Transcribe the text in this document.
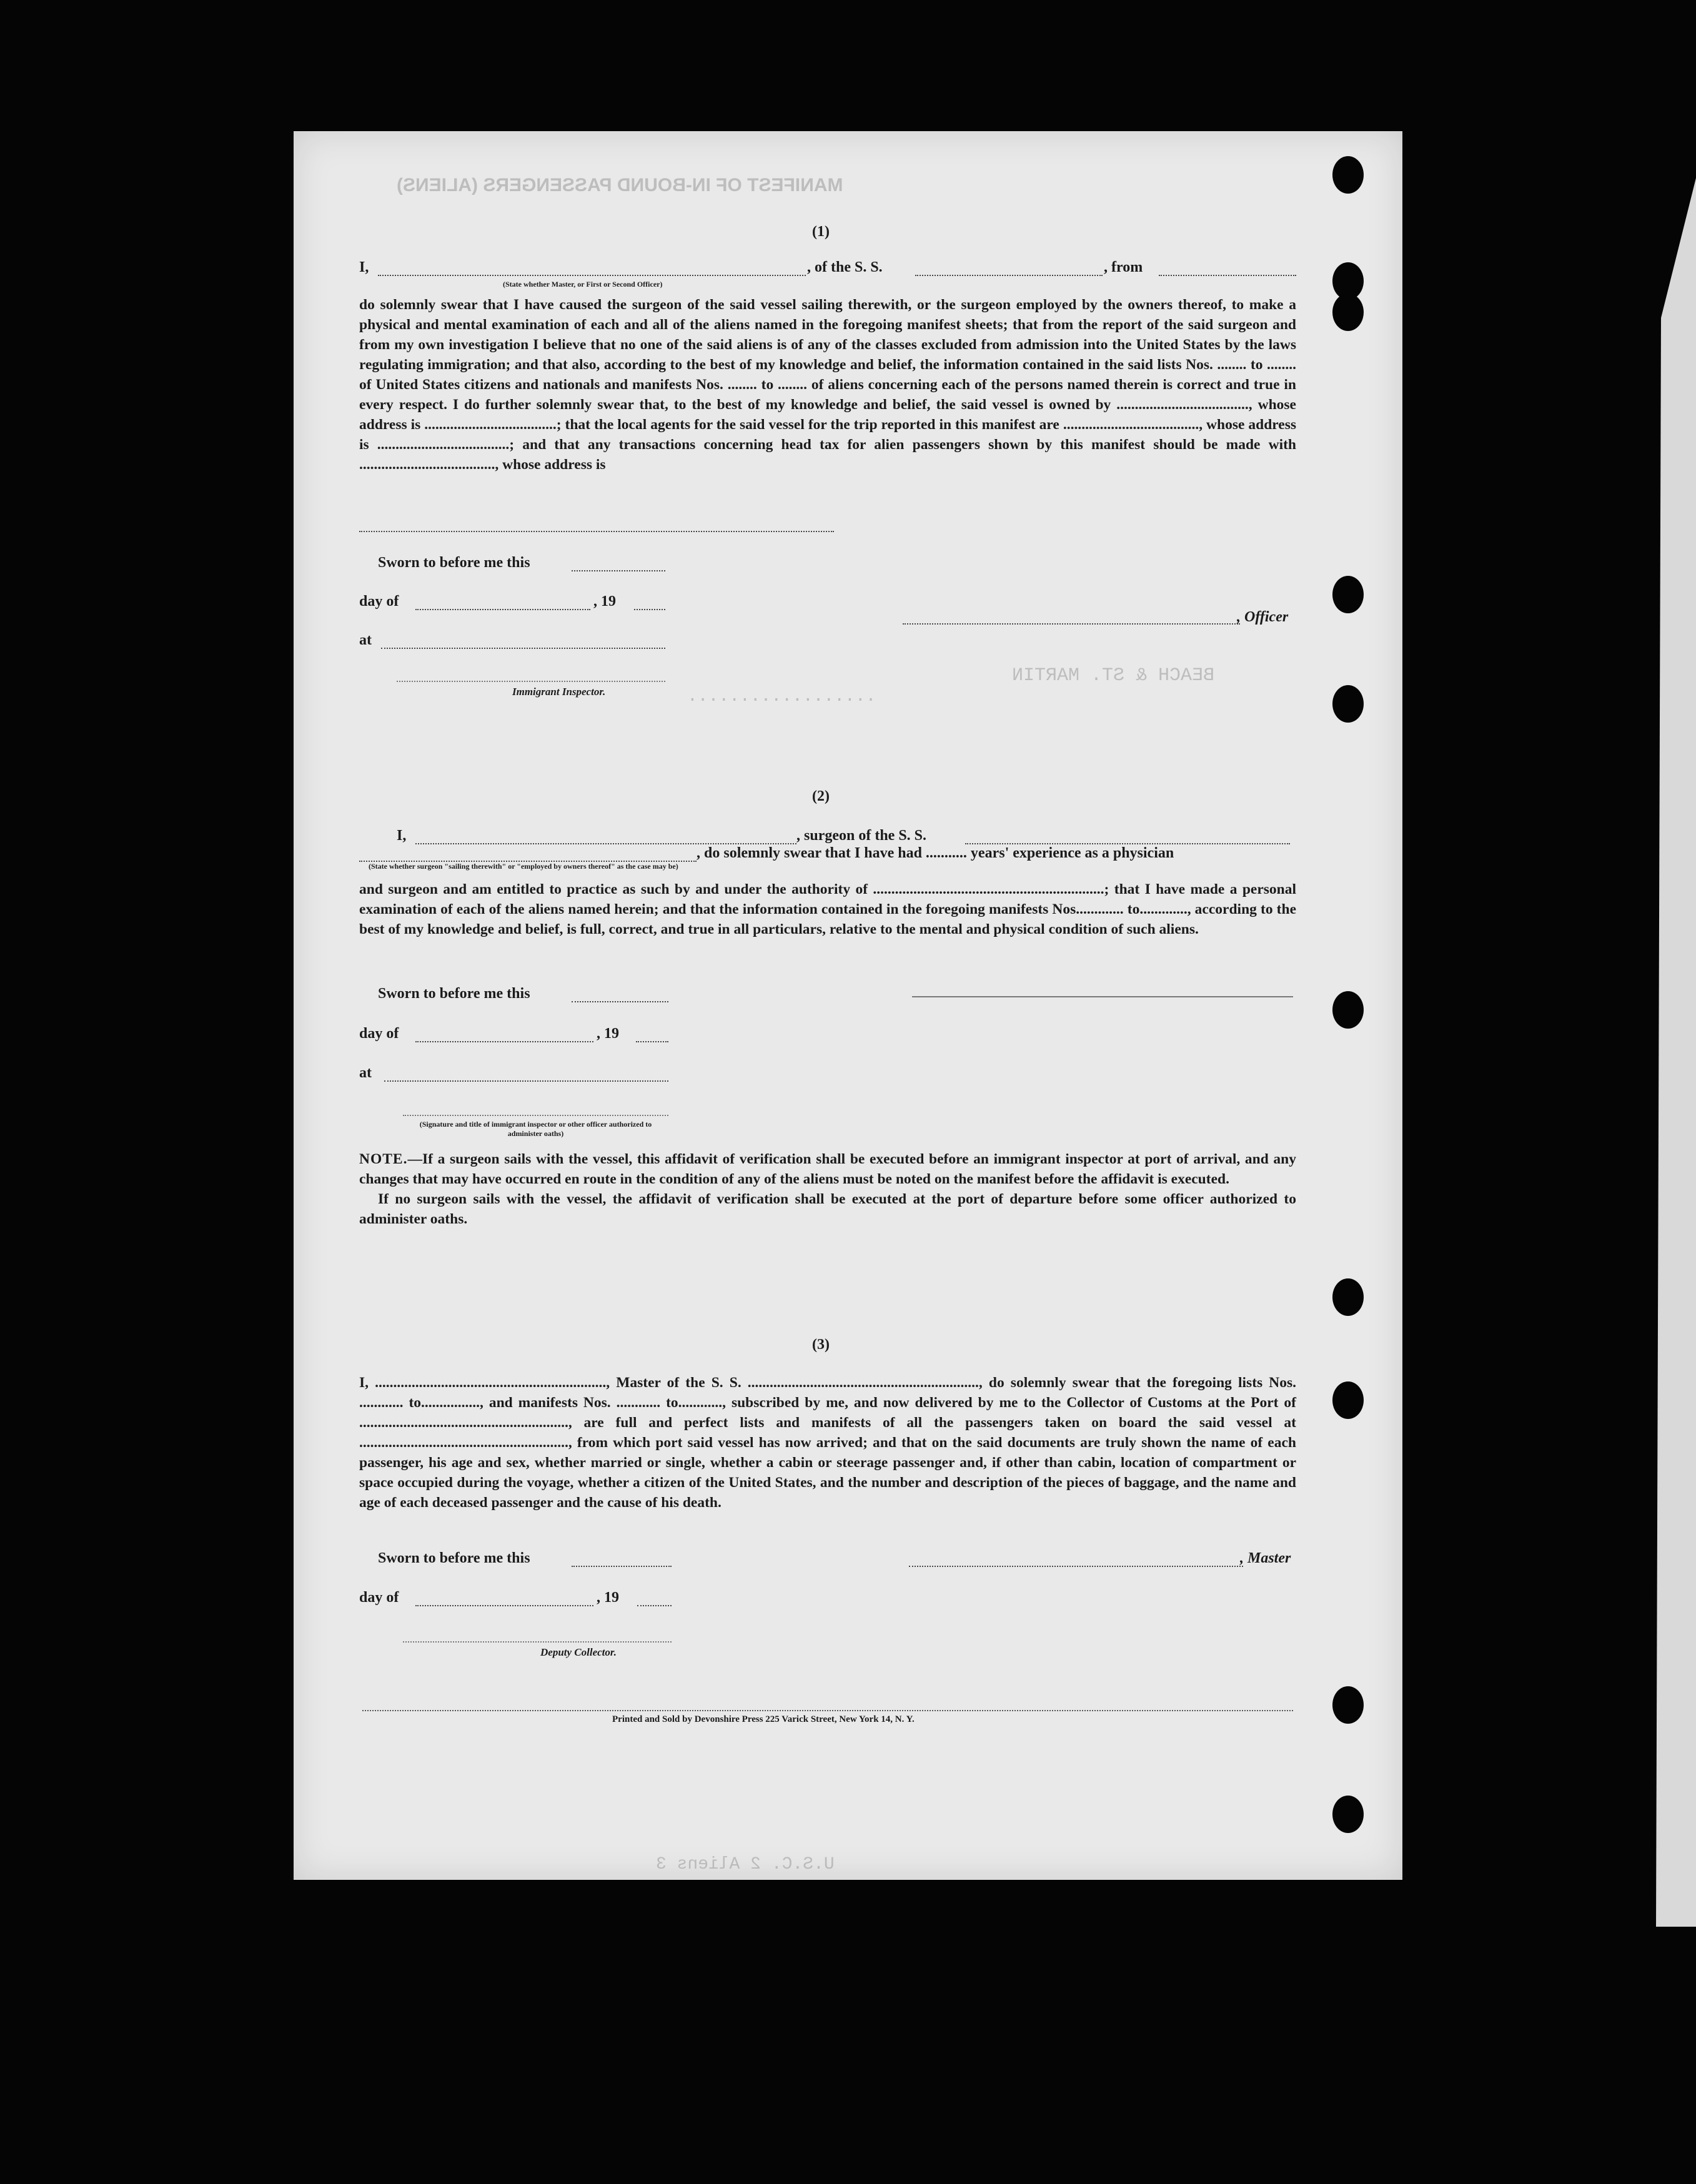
MANIFEST OF IN-BOUND PASSENGERS (ALIENS)
BEACH & ST. MARTIN
U.S.C. 2 Aliens 3
..................
(1)
I,	, of the S. S.	, from
(State whether Master, or First or Second Officer)

do solemnly swear that I have caused the surgeon of the said vessel sailing therewith, or the surgeon employed by the owners thereof, to make a physical and mental examination of each and all of the aliens named in the foregoing manifest sheets; that from the report of the said surgeon and from my own investigation I believe that no one of the said aliens is of any of the classes excluded from admission into the United States by the laws regulating immigration; and that also, according to the best of my knowledge and belief, the information contained in the said lists Nos. ........ to ........ of United States citizens and nationals and manifests Nos. ........ to ........ of aliens concerning each of the persons named therein is correct and true in every respect. I do further solemnly swear that, to the best of my knowledge and belief, the said vessel is owned by ...................................., whose address is ....................................; that the local agents for the said vessel for the trip reported in this manifest are ....................................., whose address is ....................................; and that any transactions concerning head tax for alien passengers shown by this manifest should be made with ....................................., whose address is

Sworn to before me this
day of	, 19
at
, Officer
Immigrant Inspector.
(2)
I,	, surgeon of the S. S.
, do solemnly swear that I have had ........... years' experience as a physician
(State whether surgeon "sailing therewith" or "employed by owners thereof" as the case may be)

and surgeon and am entitled to practice as such by and under the authority of ...............................................................; that I have made a personal examination of each of the aliens named herein; and that the information contained in the foregoing manifests Nos............. to............., according to the best of my knowledge and belief, is full, correct, and true in all particulars, relative to the mental and physical condition of such aliens.

Sworn to before me this
day of	, 19
at
(Signature and title of immigrant inspector or other officer authorized to administer oaths)

NOTE.—If a surgeon sails with the vessel, this affidavit of verification shall be executed before an immigrant inspector at port of arrival, and any changes that may have occurred en route in the condition of any of the aliens must be noted on the manifest before the affidavit is executed.

If no surgeon sails with the vessel, the affidavit of verification shall be executed at the port of departure before some officer authorized to administer oaths.

(3)

I, ..............................................................., Master of the S. S. ..............................................................., do solemnly swear that the foregoing lists Nos. ............ to................, and manifests Nos. ............ to............, subscribed by me, and now delivered by me to the Collector of Customs at the Port of ........................................................., are full and perfect lists and manifests of all the passengers taken on board the said vessel at ........................................................., from which port said vessel has now arrived; and that on the said documents are truly shown the name of each passenger, his age and sex, whether married or single, whether a cabin or steerage passenger and, if other than cabin, location of compartment or space occupied during the voyage, whether a citizen of the United States, and the number and description of the pieces of baggage, and the name and age of each deceased passenger and the cause of his death.

Sworn to before me this	, Master
day of	, 19
Deputy Collector.
Printed and Sold by Devonshire Press 225 Varick Street, New York 14, N. Y.
